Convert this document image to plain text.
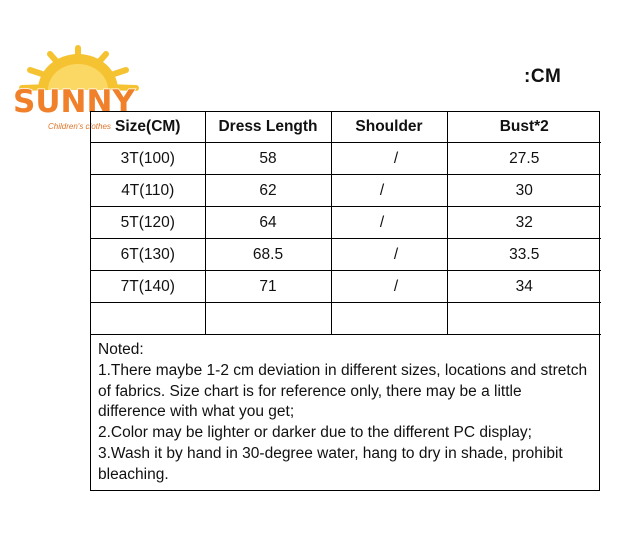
SUNNY
Children's clothes
:CM
Size(CM)	Dress Length	Shoulder	Bust*2
3T(100)	58	/	27.5
4T(110)	62	/	30
5T(120)	64	/	32
6T(130)	68.5	/	33.5
7T(140)	71	/	34

Noted:

1.There maybe 1-2 cm deviation in different sizes, locations and stretch of fabrics. Size chart is for reference only, there may be a little difference with what you get;

2.Color may be lighter or darker due to the different PC display;

3.Wash it by hand in 30-degree water, hang to dry in shade, prohibit bleaching.
